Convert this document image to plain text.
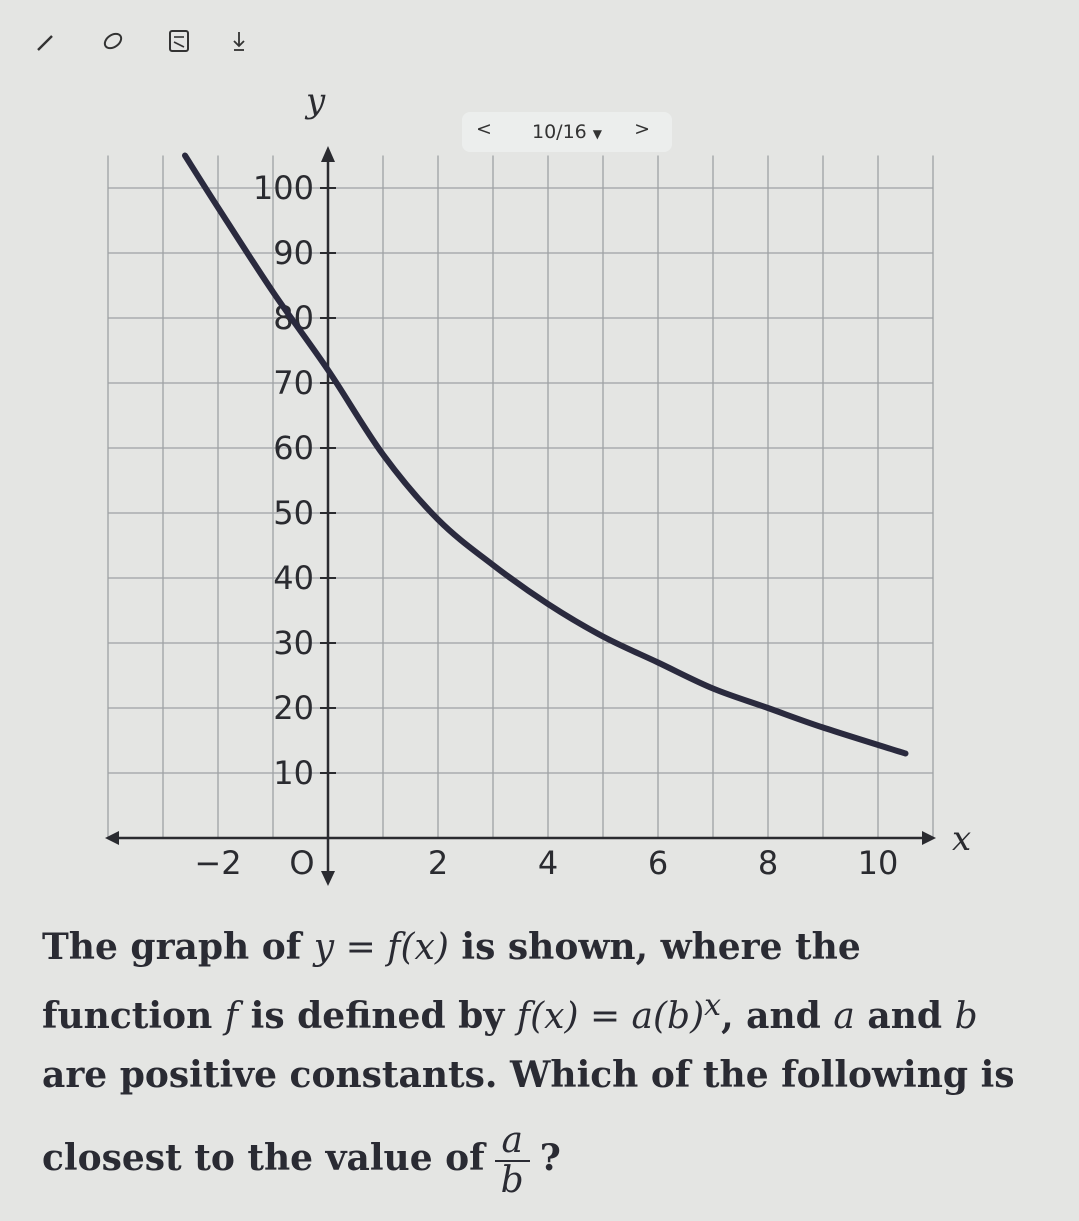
10
20
30
40
50
60
70
80
90
100
−2 O	2	4	6	8 10
x
y
< 10/16 ▼ >
The graph of y = f(x) is shown, where the
function f is defined by $f(x) = a(b)^x$, and a and b
are positive constants. Which of the following is
closest to the value of $\frac{a}{b}$ ?
